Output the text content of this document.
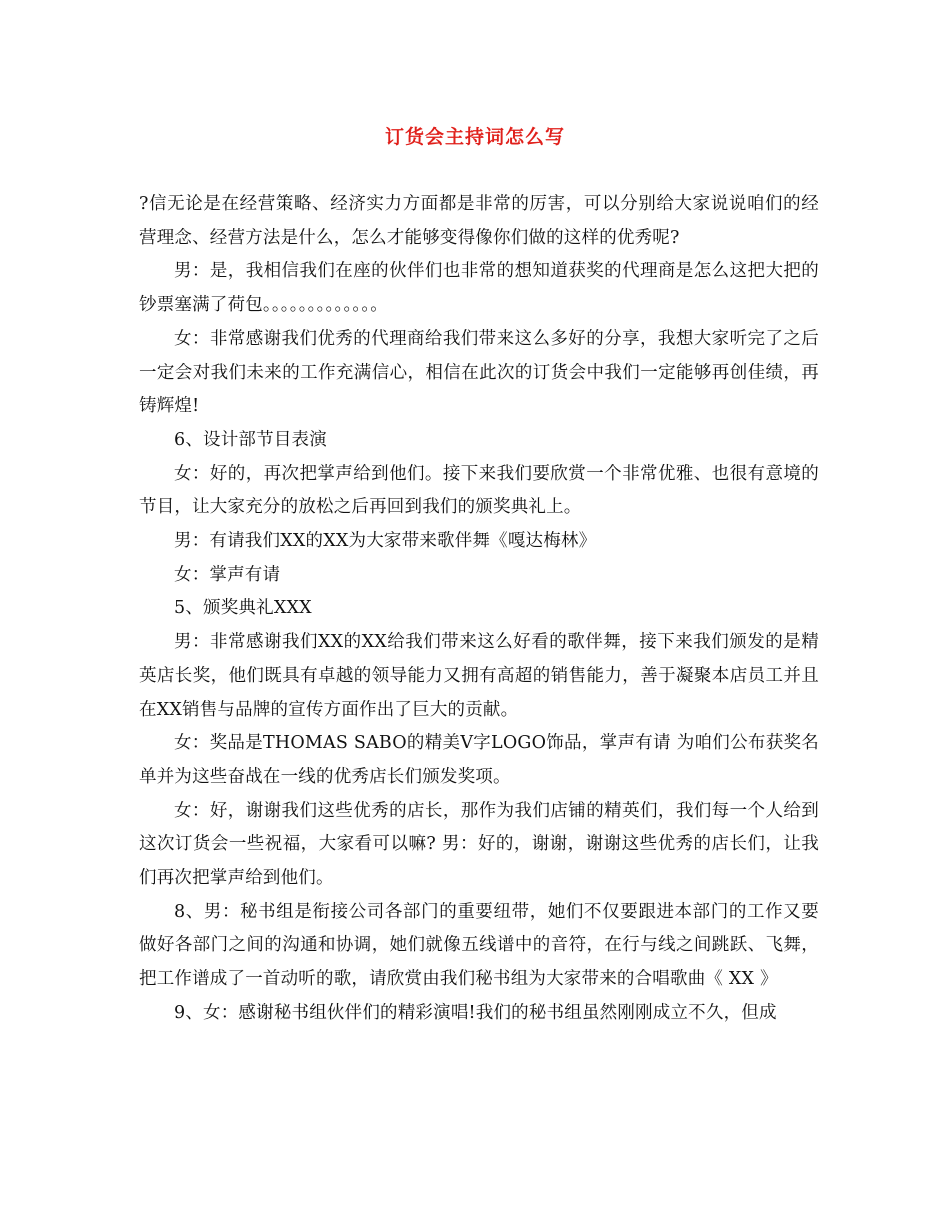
订货会主持词怎么写

?信无论是在经营策略、经济实力方面都是非常的厉害，可以分别给大家说说咱们的经营理念、经营方法是什么，怎么才能够变得像你们做的这样的优秀呢?

男：是，我相信我们在座的伙伴们也非常的想知道获奖的代理商是怎么这把大把的钞票塞满了荷包。。。。。。。。。。。。。

女：非常感谢我们优秀的代理商给我们带来这么多好的分享，我想大家听完了之后一定会对我们未来的工作充满信心，相信在此次的订货会中我们一定能够再创佳绩，再铸辉煌!

6、设计部节目表演

女：好的，再次把掌声给到他们。接下来我们要欣赏一个非常优雅、也很有意境的节目，让大家充分的放松之后再回到我们的颁奖典礼上。

男：有请我们XX的XX为大家带来歌伴舞《嘎达梅林》

女：掌声有请

5、颁奖典礼XXX

男：非常感谢我们XX的XX给我们带来这么好看的歌伴舞，接下来我们颁发的是精英店长奖，他们既具有卓越的领导能力又拥有高超的销售能力，善于凝聚本店员工并且在XX销售与品牌的宣传方面作出了巨大的贡献。

女：奖品是THOMAS SABO的精美V字LOGO饰品，掌声有请 为咱们公布获奖名单并为这些奋战在一线的优秀店长们颁发奖项。

女：好，谢谢我们这些优秀的店长，那作为我们店铺的精英们，我们每一个人给到这次订货会一些祝福，大家看可以嘛? 男：好的，谢谢，谢谢这些优秀的店长们，让我们再次把掌声给到他们。

8、男：秘书组是衔接公司各部门的重要纽带，她们不仅要跟进本部门的工作又要做好各部门之间的沟通和协调，她们就像五线谱中的音符，在行与线之间跳跃、飞舞，把工作谱成了一首动听的歌，请欣赏由我们秘书组为大家带来的合唱歌曲《 XX 》

9、女：感谢秘书组伙伴们的精彩演唱!我们的秘书组虽然刚刚成立不久，但成
